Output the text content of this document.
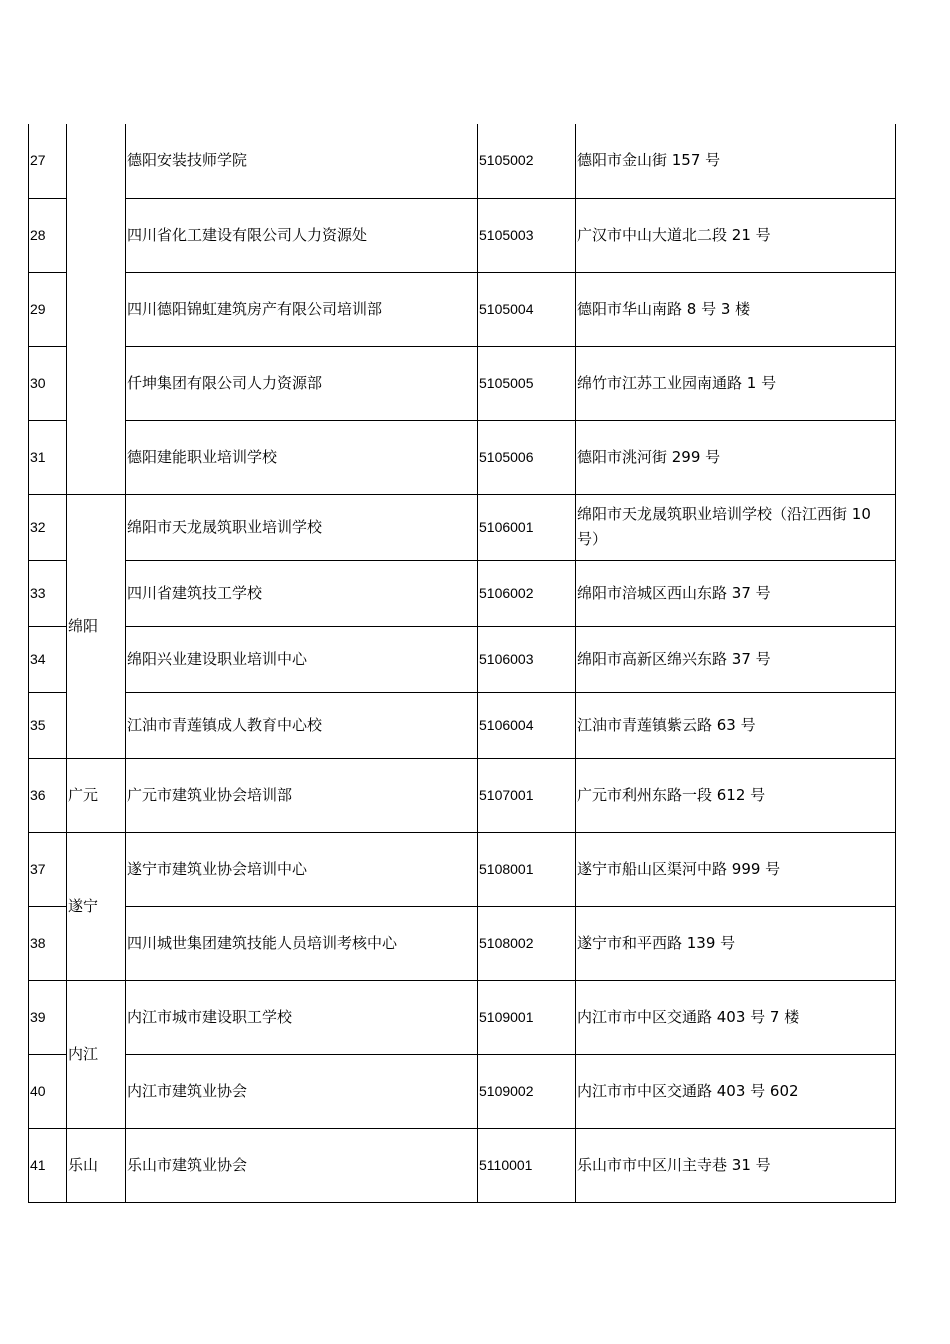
27		德阳安装技师学院	5105002	德阳市金山街 157 号
28		四川省化工建设有限公司人力资源处	5105003	广汉市中山大道北二段 21 号
29		四川德阳锦虹建筑房产有限公司培训部	5105004	德阳市华山南路 8 号 3 楼
30		仟坤集团有限公司人力资源部	5105005	绵竹市江苏工业园南通路 1 号
31		德阳建能职业培训学校	5105006	德阳市洮河街 299 号
32	绵阳	绵阳市天龙晟筑职业培训学校	5106001	绵阳市天龙晟筑职业培训学校（沿江西街 10 号）
33		四川省建筑技工学校	5106002	绵阳市涪城区西山东路 37 号
34		绵阳兴业建设职业培训中心	5106003	绵阳市高新区绵兴东路 37 号
35		江油市青莲镇成人教育中心校	5106004	江油市青莲镇紫云路 63 号
36	广元	广元市建筑业协会培训部	5107001	广元市利州东路一段 612 号
37	遂宁	遂宁市建筑业协会培训中心	5108001	遂宁市船山区渠河中路 999 号
38		四川城世集团建筑技能人员培训考核中心	5108002	遂宁市和平西路 139 号
39	内江	内江市城市建设职工学校	5109001	内江市市中区交通路 403 号 7 楼
40		内江市建筑业协会	5109002	内江市市中区交通路 403 号 602
41	乐山	乐山市建筑业协会	5110001	乐山市市中区川主寺巷 31 号
